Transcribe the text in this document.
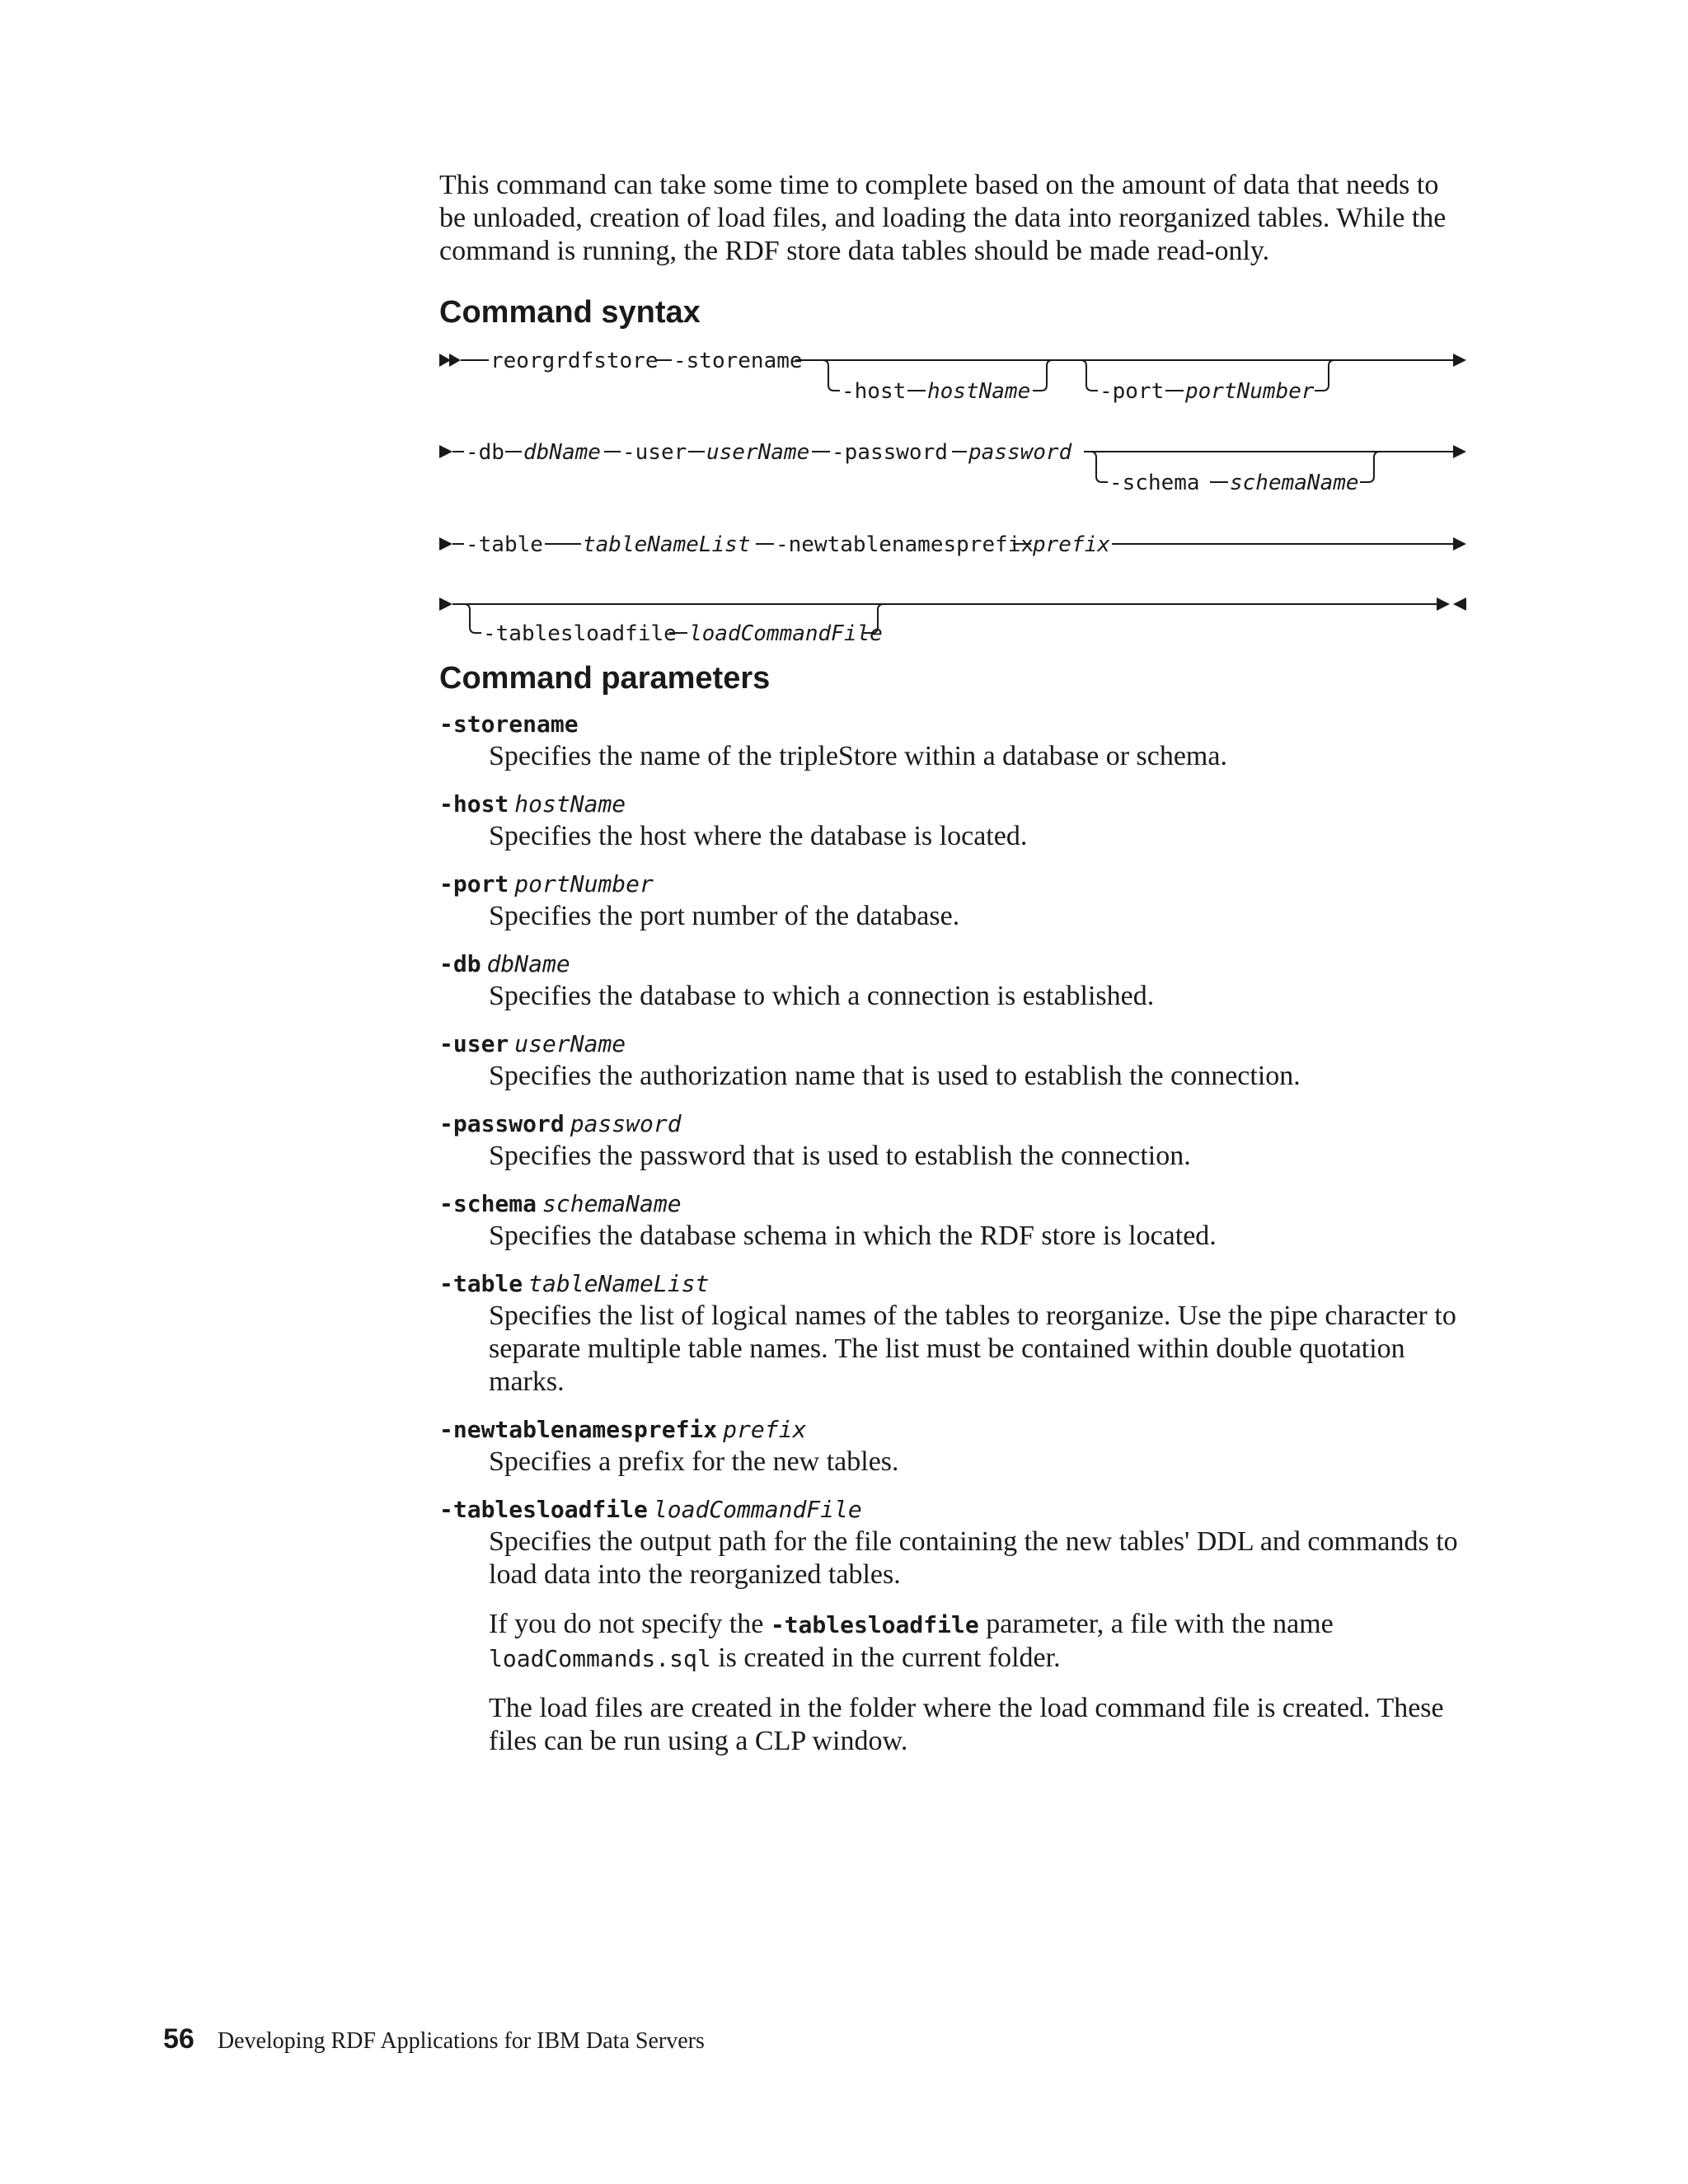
This command can take some time to complete based on the amount of data that needs to be unloaded, creation of load files, and loading the data into reorganized tables. While the command is running, the RDF store data tables should be made read-only.

Command syntax
reorgrdfstore -storename
-host hostName	-port portNumber
-db dbName -user userName -password password
-schema schemaName
-table tableNameList -newtablenamesprefix
prefix
-tablesloadfile loadCommandFile
Command parameters
-storename

Specifies the name of the tripleStore within a database or schema.

-host hostName

Specifies the host where the database is located.

-port portNumber

Specifies the port number of the database.

-db dbName

Specifies the database to which a connection is established.

-user userName

Specifies the authorization name that is used to establish the connection.

-password password

Specifies the password that is used to establish the connection.

-schema schemaName

Specifies the database schema in which the RDF store is located.

-table tableNameList

Specifies the list of logical names of the tables to reorganize. Use the pipe character to separate multiple table names. The list must be contained within double quotation marks.

-newtablenamesprefix prefix

Specifies a prefix for the new tables.

-tablesloadfile loadCommandFile

Specifies the output path for the file containing the new tables' DDL and commands to load data into the reorganized tables.

If you do not specify the -tablesloadfile parameter, a file with the name loadCommands.sql is created in the current folder.

The load files are created in the folder where the load command file is created. These files can be run using a CLP window.

56 Developing RDF Applications for IBM Data Servers
